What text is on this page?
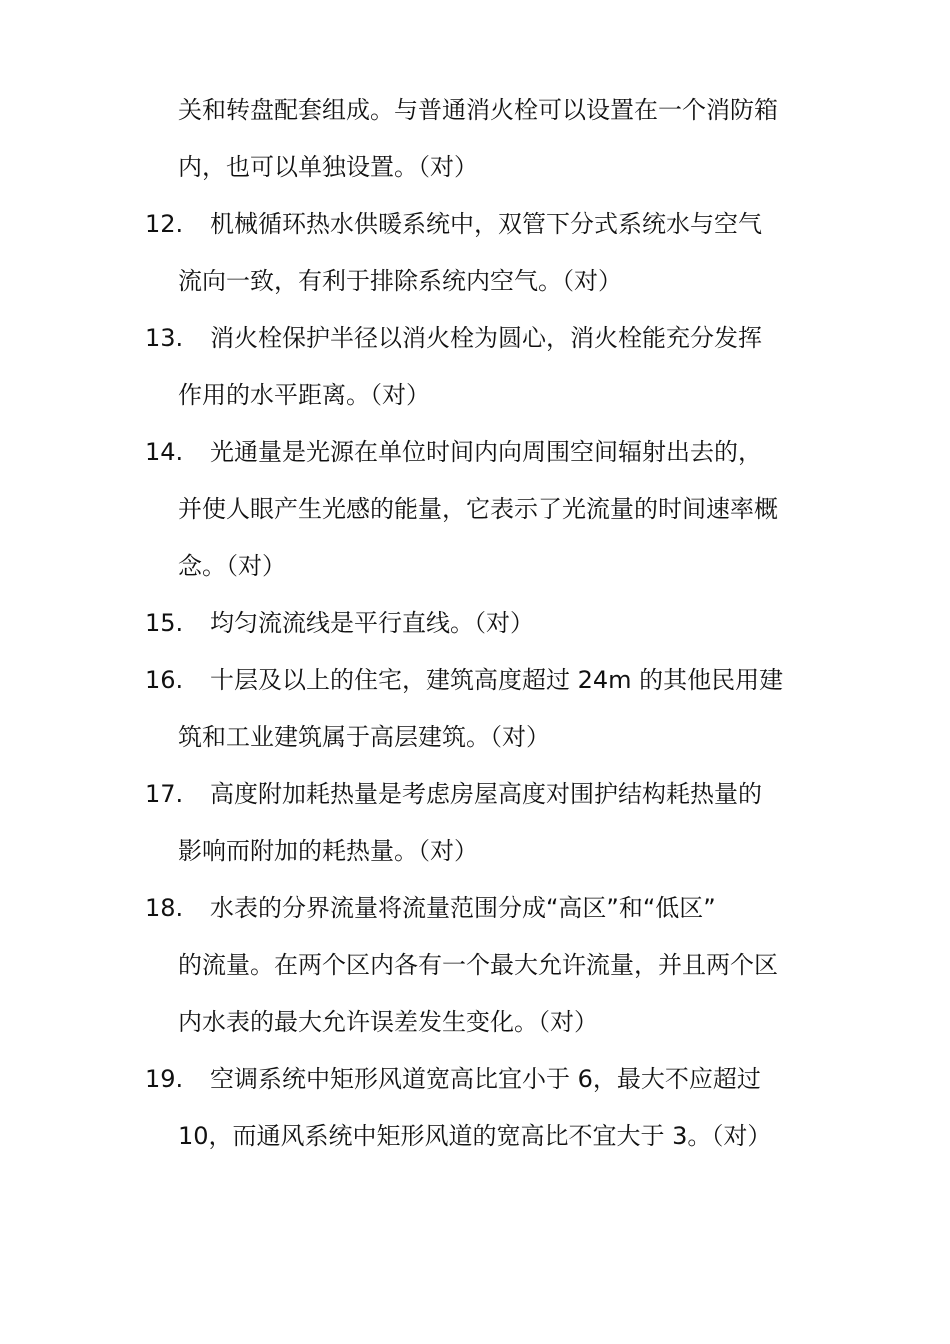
关和转盘配套组成。与普通消火栓可以设置在一个消防箱
内，也可以单独设置。（对）
12. 机械循环热水供暖系统中，双管下分式系统水与空气
流向一致，有利于排除系统内空气。（对）
13. 消火栓保护半径以消火栓为圆心，消火栓能充分发挥
作用的水平距离。（对）
14. 光通量是光源在单位时间内向周围空间辐射出去的，
并使人眼产生光感的能量，它表示了光流量的时间速率概
念。（对）
15. 均匀流流线是平行直线。（对）
16. 十层及以上的住宅，建筑高度超过 24m 的其他民用建
筑和工业建筑属于高层建筑。（对）
17. 高度附加耗热量是考虑房屋高度对围护结构耗热量的
影响而附加的耗热量。（对）
18. 水表的分界流量将流量范围分成“高区”和“低区”
的流量。在两个区内各有一个最大允许流量，并且两个区
内水表的最大允许误差发生变化。（对）
19. 空调系统中矩形风道宽高比宜小于 6，最大不应超过
10，而通风系统中矩形风道的宽高比不宜大于 3。（对）
